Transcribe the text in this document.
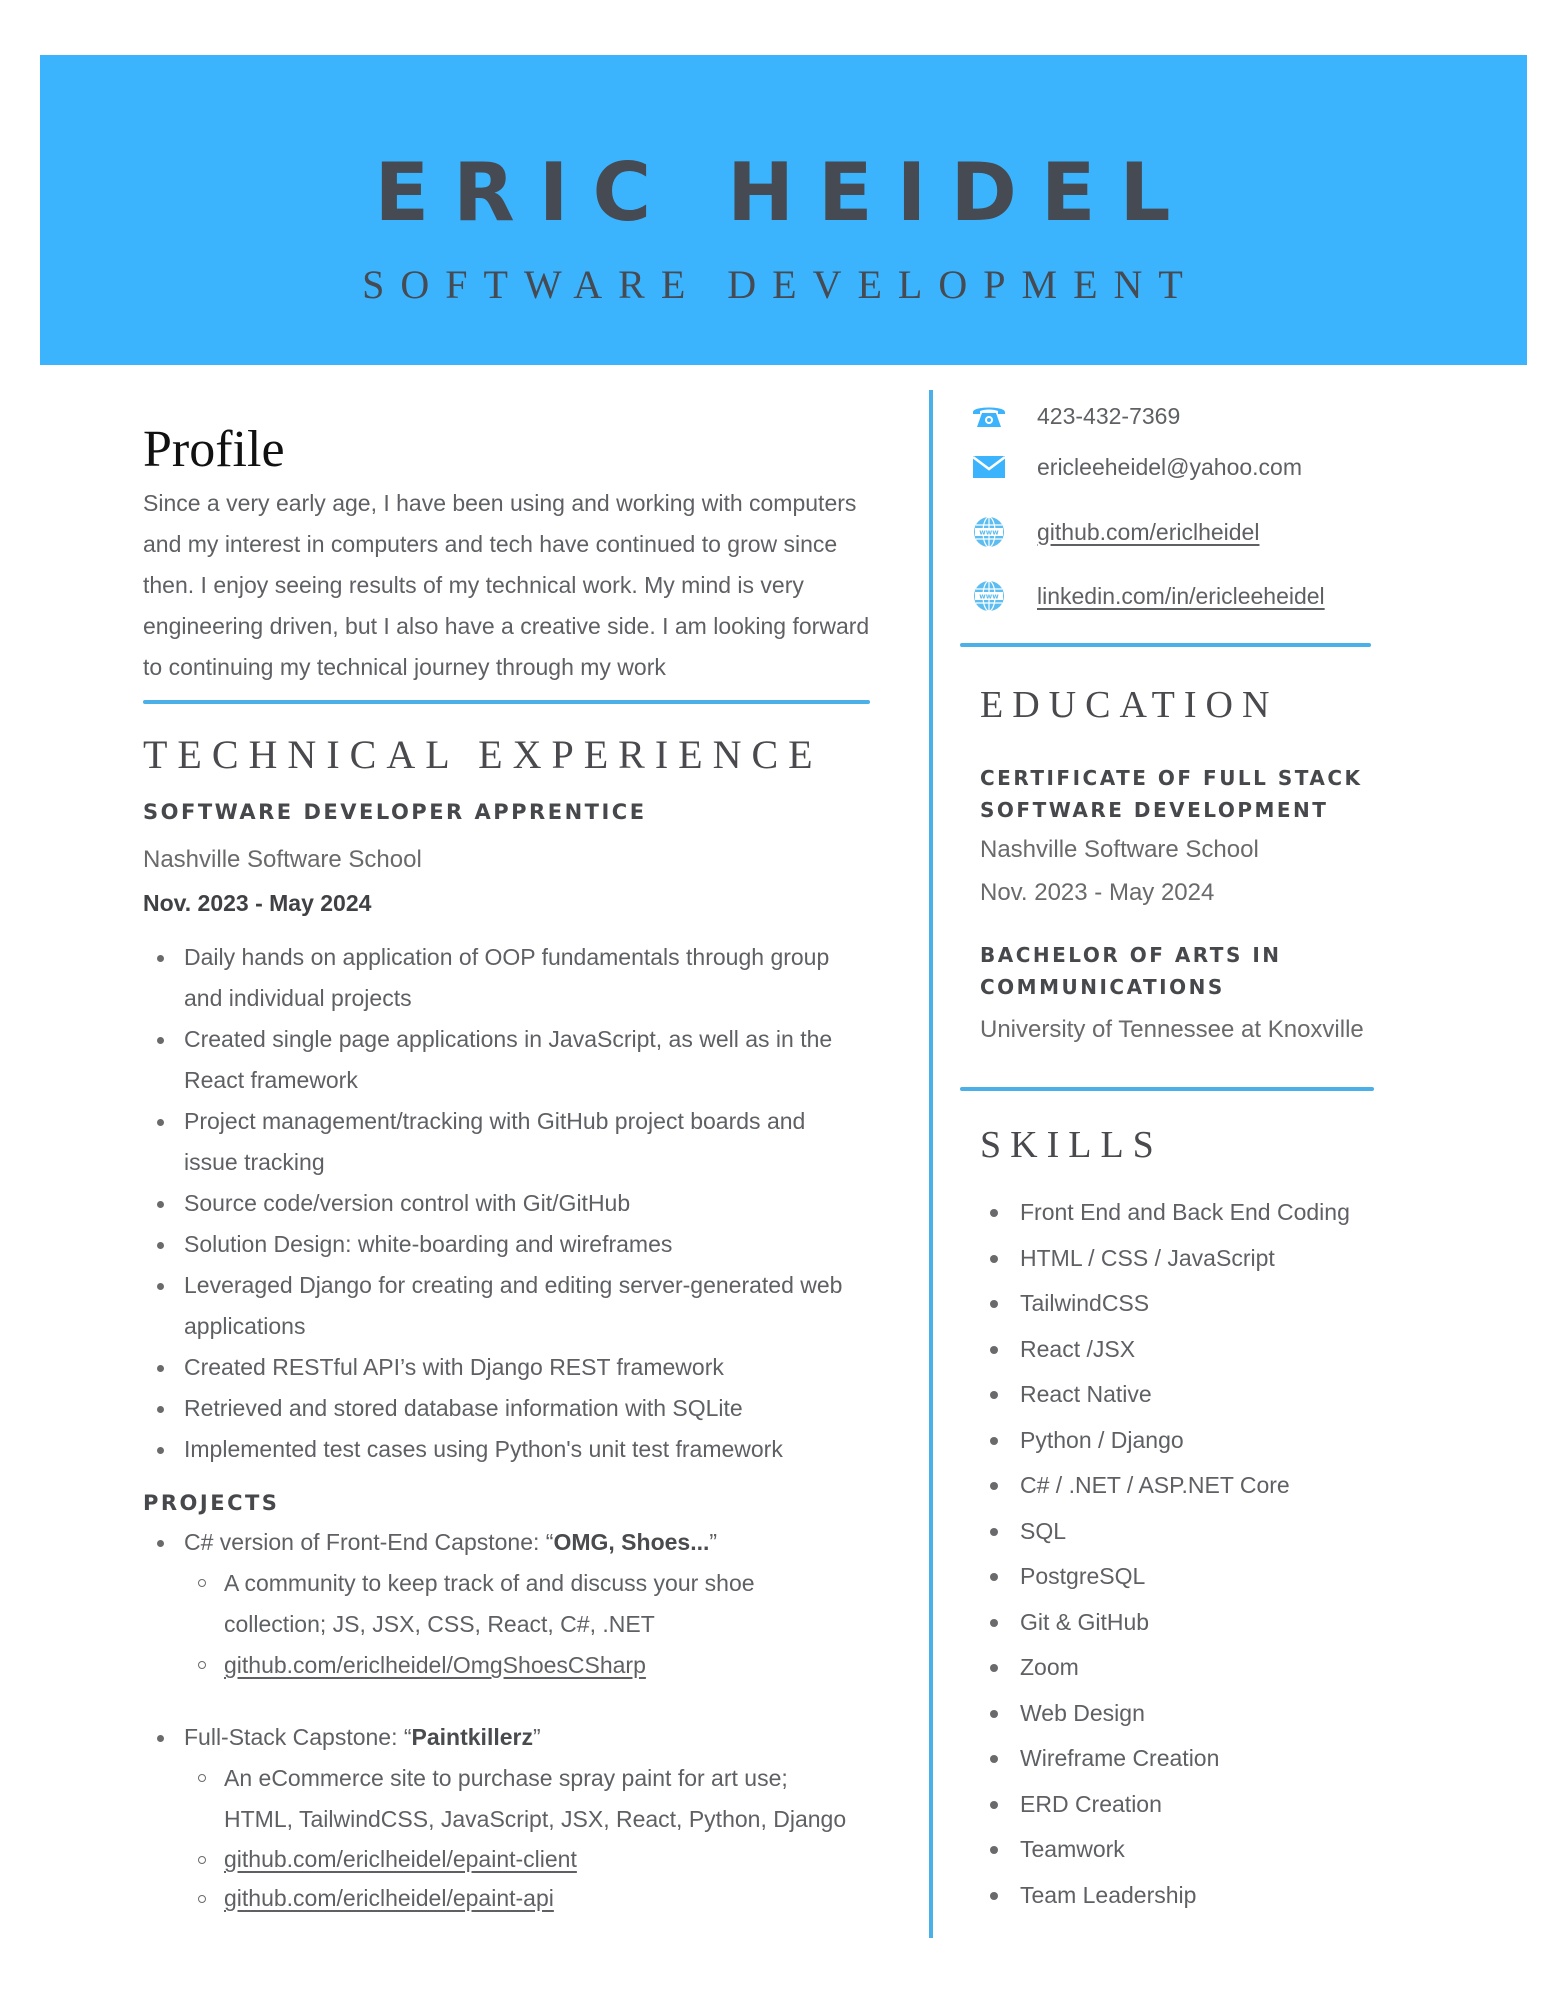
ERIC HEIDEL
SOFTWARE DEVELOPMENT
Profile
Since a very early age, I have been using and working with computers
and my interest in computers and tech have continued to grow since
then. I enjoy seeing results of my technical work. My mind is very
engineering driven, but I also have a creative side. I am looking forward
to continuing my technical journey through my work
TECHNICAL EXPERIENCE
SOFTWARE DEVELOPER APPRENTICE
Nashville Software School
Nov. 2023 - May 2024
Daily hands on application of OOP fundamentals through group
and individual projects
Created single page applications in JavaScript, as well as in the
React framework
Project management/tracking with GitHub project boards and
issue tracking
Source code/version control with Git/GitHub
Solution Design: white-boarding and wireframes
Leveraged Django for creating and editing server-generated web
applications
Created RESTful API’s with Django REST framework
Retrieved and stored database information with SQLite
Implemented test cases using Python's unit test framework
PROJECTS
C# version of Front-End Capstone: “OMG, Shoes...”
A community to keep track of and discuss your shoe
collection; JS, JSX, CSS, React, C#, .NET
github.com/ericlheidel/OmgShoesCSharp
Full-Stack Capstone: “Paintkillerz”
An eCommerce site to purchase spray paint for art use;
HTML, TailwindCSS, JavaScript, JSX, React, Python, Django
github.com/ericlheidel/epaint-client
github.com/ericlheidel/epaint-api
423-432-7369
ericleeheidel@yahoo.com
www github.com/ericlheidel
www linkedin.com/in/ericleeheidel
EDUCATION
CERTIFICATE OF FULL STACK
SOFTWARE DEVELOPMENT
Nashville Software School
Nov. 2023 - May 2024
BACHELOR OF ARTS IN
COMMUNICATIONS
University of Tennessee at Knoxville
SKILLS
Front End and Back End Coding
HTML / CSS / JavaScript
TailwindCSS
React /JSX
React Native
Python / Django
C# / .NET / ASP.NET Core
SQL
PostgreSQL
Git & GitHub
Zoom
Web Design
Wireframe Creation
ERD Creation
Teamwork
Team Leadership
